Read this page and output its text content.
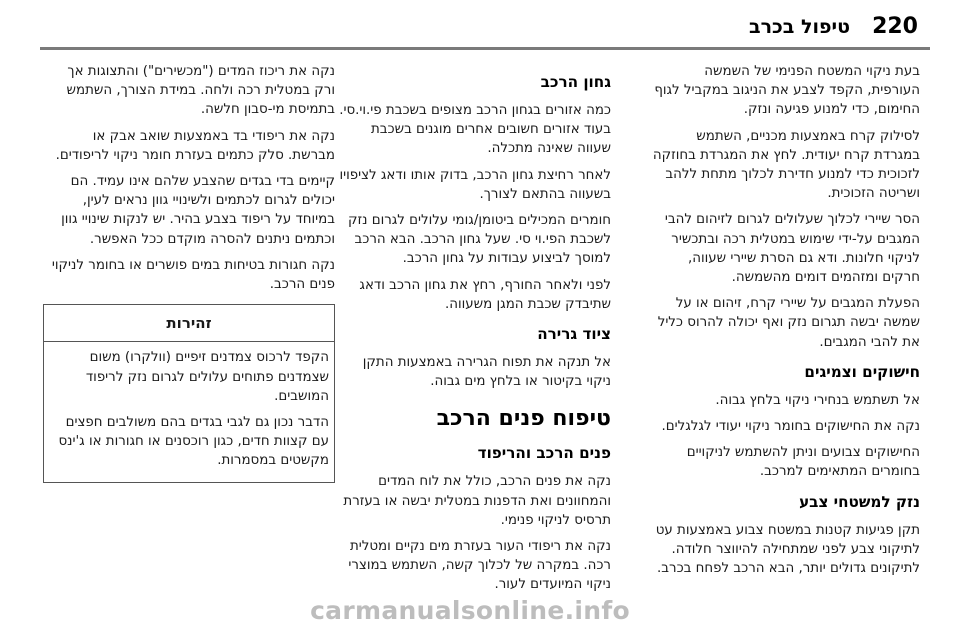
220
טיפול בכרב

בעת ניקוי המשטח הפנימי של השמשה העורפית, הקפד לצבע את הניגוב במקביל לגוף החימום, כדי למנוע פגיעה ונזק.

לסילוק קרח באמצעות מכניים, השתמש במגרדת קרח יעודית. לחץ את המגרדת בחוזקה לזכוכית כדי למנוע חדירת לכלוך מתחת ללהב ושריטה הזכוכית.

הסר שיירי לכלוך שעלולים לגרום לזיהום להבי המגבים על-ידי שימוש במטלית רכה ובתכשיר לניקוי חלונות. ודא גם הסרת שיירי שעווה, חרקים ומזהמים דומים מהשמשה.

הפעלת המגבים על שיירי קרח, זיהום או על שמשה יבשה תגרום נזק ואף יכולה להרוס כליל את להבי המגבים.

חישוקים וצמיגים

אל תשתמש בנחירי ניקוי בלחץ גבוה.

נקה את החישוקים בחומר ניקוי יעודי לגלגלים.

החישוקים צבועים וניתן להשתמש לניקויים בחומרים המתאימים למרכב.

נזק למשטחי צבע

תקן פגיעות קטנות במשטח צבוע באמצעות עט לתיקוני צבע לפני שמתחילה להיווצר חלודה. לתיקונים גדולים יותר, הבא הרכב לפחח בכרב.

גחון הרכב

כמה אזורים בגחון הרכב מצופים בשכבת פי.וי.סי. בעוד אזורים חשובים אחרים מוגנים בשכבת שעווה שאינה מתכלה.

לאחר רחיצת גחון הרכב, בדוק אותו ודאג לציפויו בשעווה בהתאם לצורך.

חומרים המכילים ביטומן/גומי עלולים לגרום נזק לשכבת הפי.וי סי. שעל גחון הרכב. הבא הרכב למוסך לביצוע עבודות על גחון הרכב.

לפני ולאחר החורף, רחץ את גחון הרכב ודאג שתיבדק שכבת המגן משעווה.

ציוד גרירה

אל תנקה את תפוח הגרירה באמצעות התקן ניקוי בקיטור או בלחץ מים גבוה.

טיפוח פנים הרכב
פנים הרכב והריפוד

נקה את פנים הרכב, כולל את לוח המדים והמחוונים ואת הדפנות במטלית יבשה או בעזרת תרסיס לניקוי פנימי.

נקה את ריפודי העור בעזרת מים נקיים ומטלית רכה. במקרה של לכלוך קשה, השתמש במוצרי ניקוי המיועדים לעור.

נקה את ריכוז המדים ("מכשירים") והתצוגות אך ורק במטלית רכה ולחה. במידת הצורך, השתמש בתמיסת מי-סבון חלשה.

נקה את ריפודי בד באמצעות שואב אבק או מברשת. סלק כתמים בעזרת חומר ניקוי לריפודים.

קיימים בדי בגדים שהצבע שלהם אינו עמיד. הם יכולים לגרום לכתמים ולשינויי גוון נראים לעין, במיוחד על ריפוד בצבע בהיר. יש לנקות שינויי גוון וכתמים ניתנים להסרה מוקדם ככל האפשר.

נקה חגורות בטיחות במים פושרים או בחומר לניקוי פנים הרכב.

זהירות

הקפד לרכוס צמדנים זיפיים (וולקרו) משום שצמדנים פתוחים עלולים לגרום נזק לריפוד המושבים.

הדבר נכון גם לגבי בגדים בהם משולבים חפצים עם קצוות חדים, כגון רוכסנים או חגורות או ג'ינס מקשטים במסמרות.

carmanualsonline.info
